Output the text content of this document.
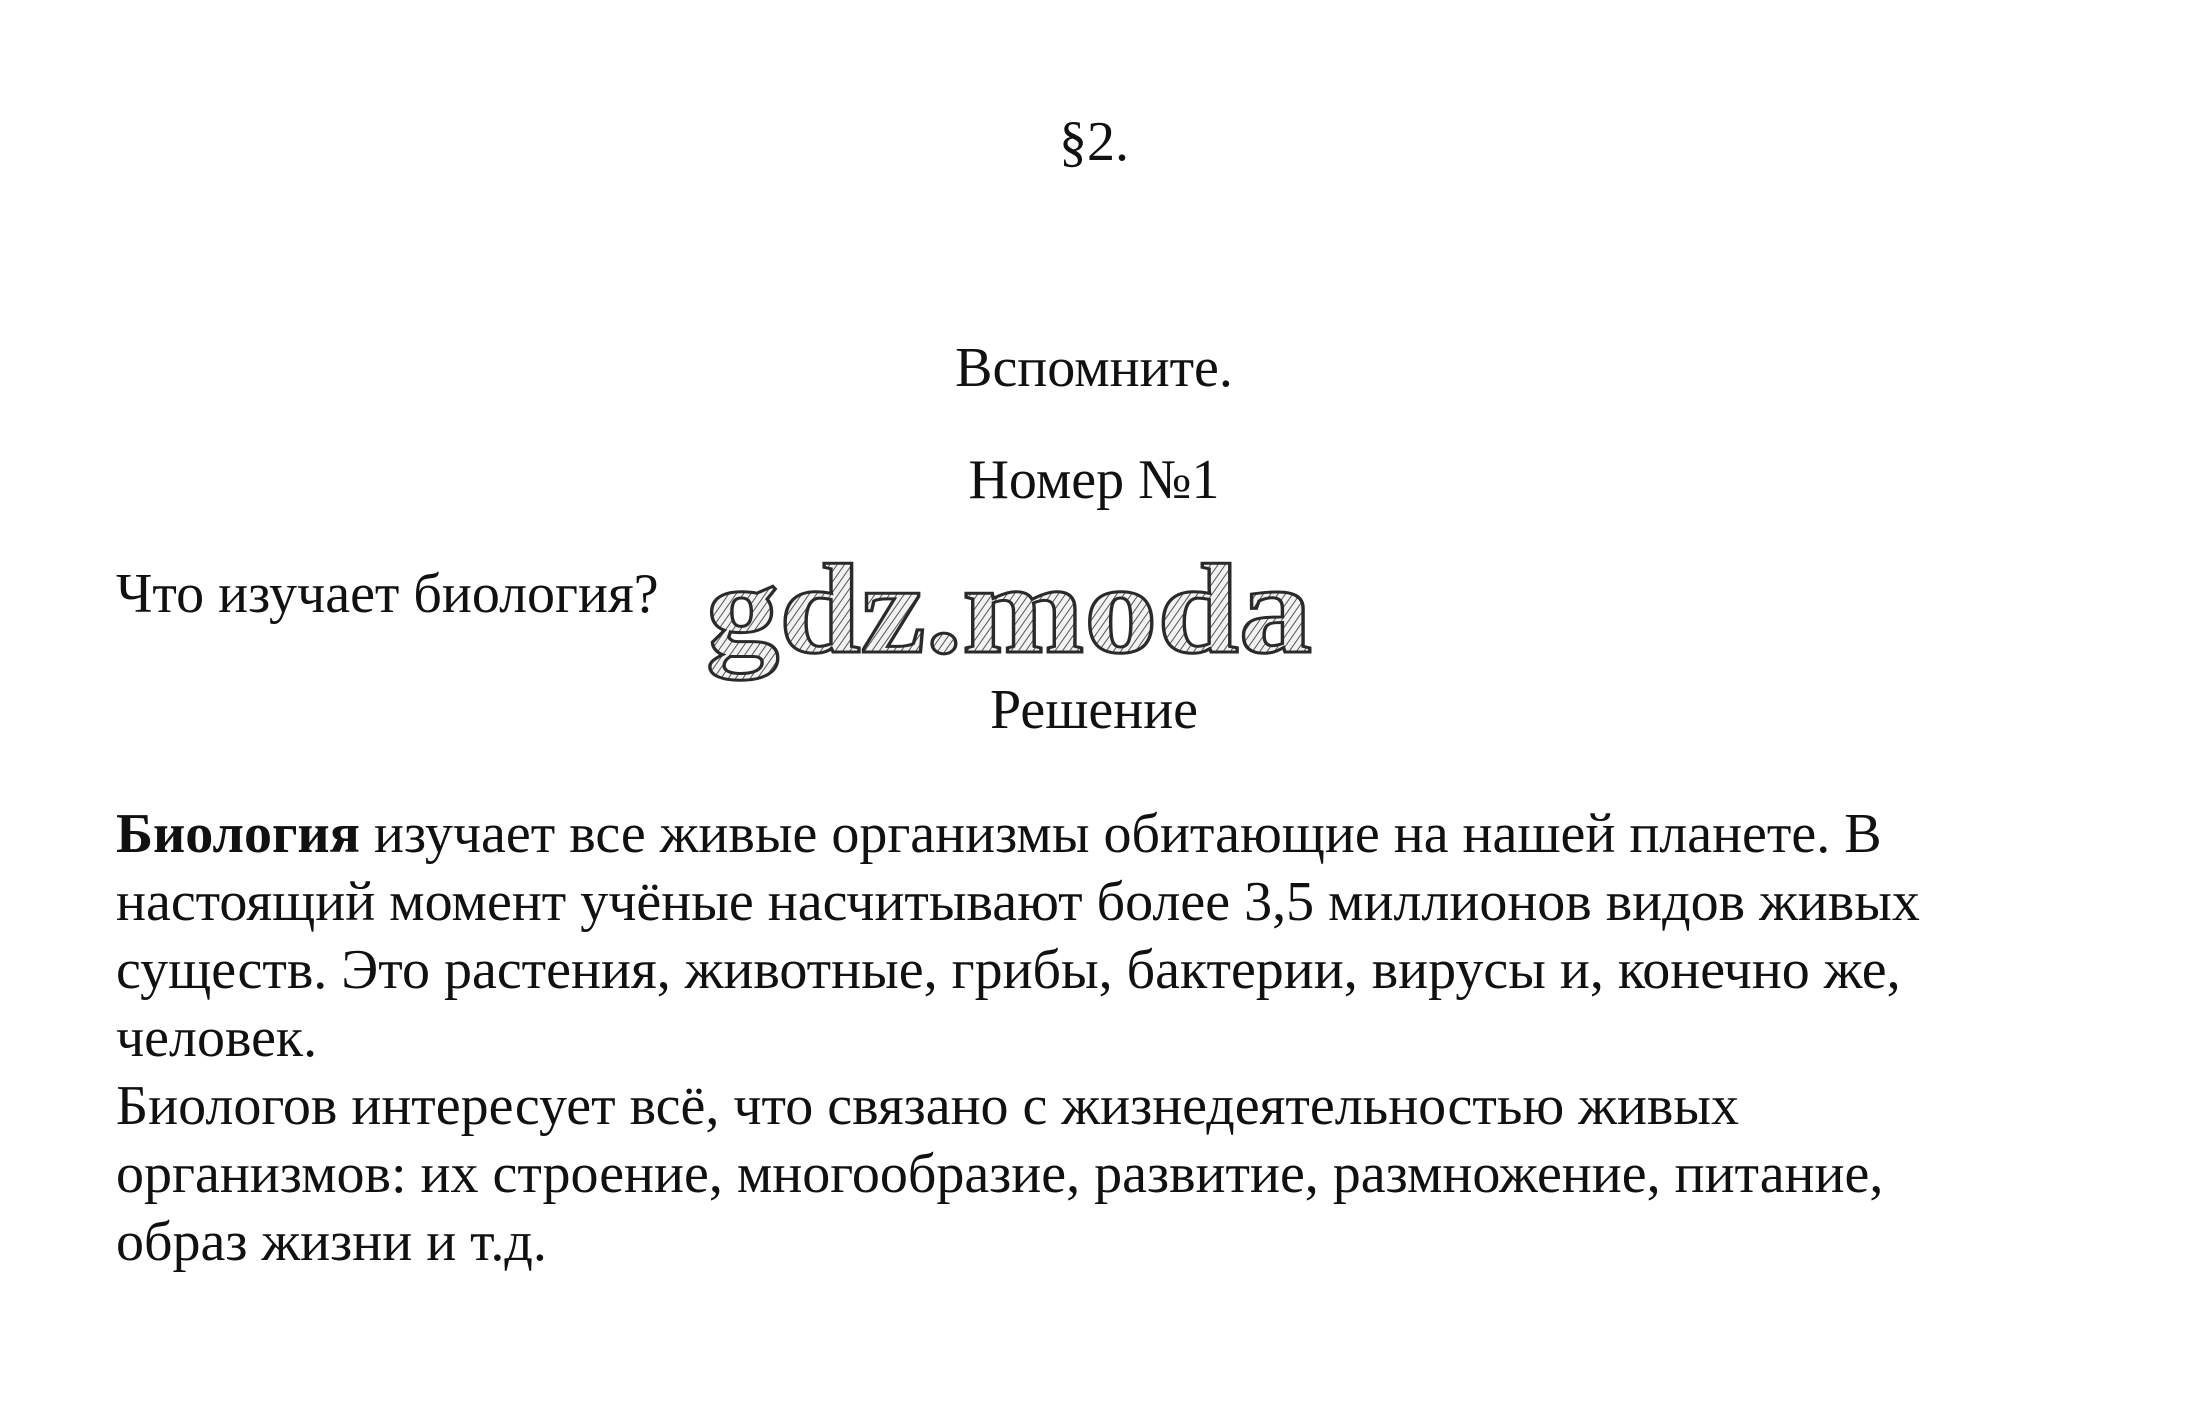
§2.
Вспомните.
Номер №1
Что изучает биология? gdz.moda
Решение
Биология изучает все живые организмы обитающие на нашей планете. В
настоящий момент учёные насчитывают более 3,5 миллионов видов живых
существ. Это растения, животные, грибы, бактерии, вирусы и, конечно же,
человек.
Биологов интересует всё, что связано с жизнедеятельностью живых
организмов: их строение, многообразие, развитие, размножение, питание,
образ жизни и т.д.
